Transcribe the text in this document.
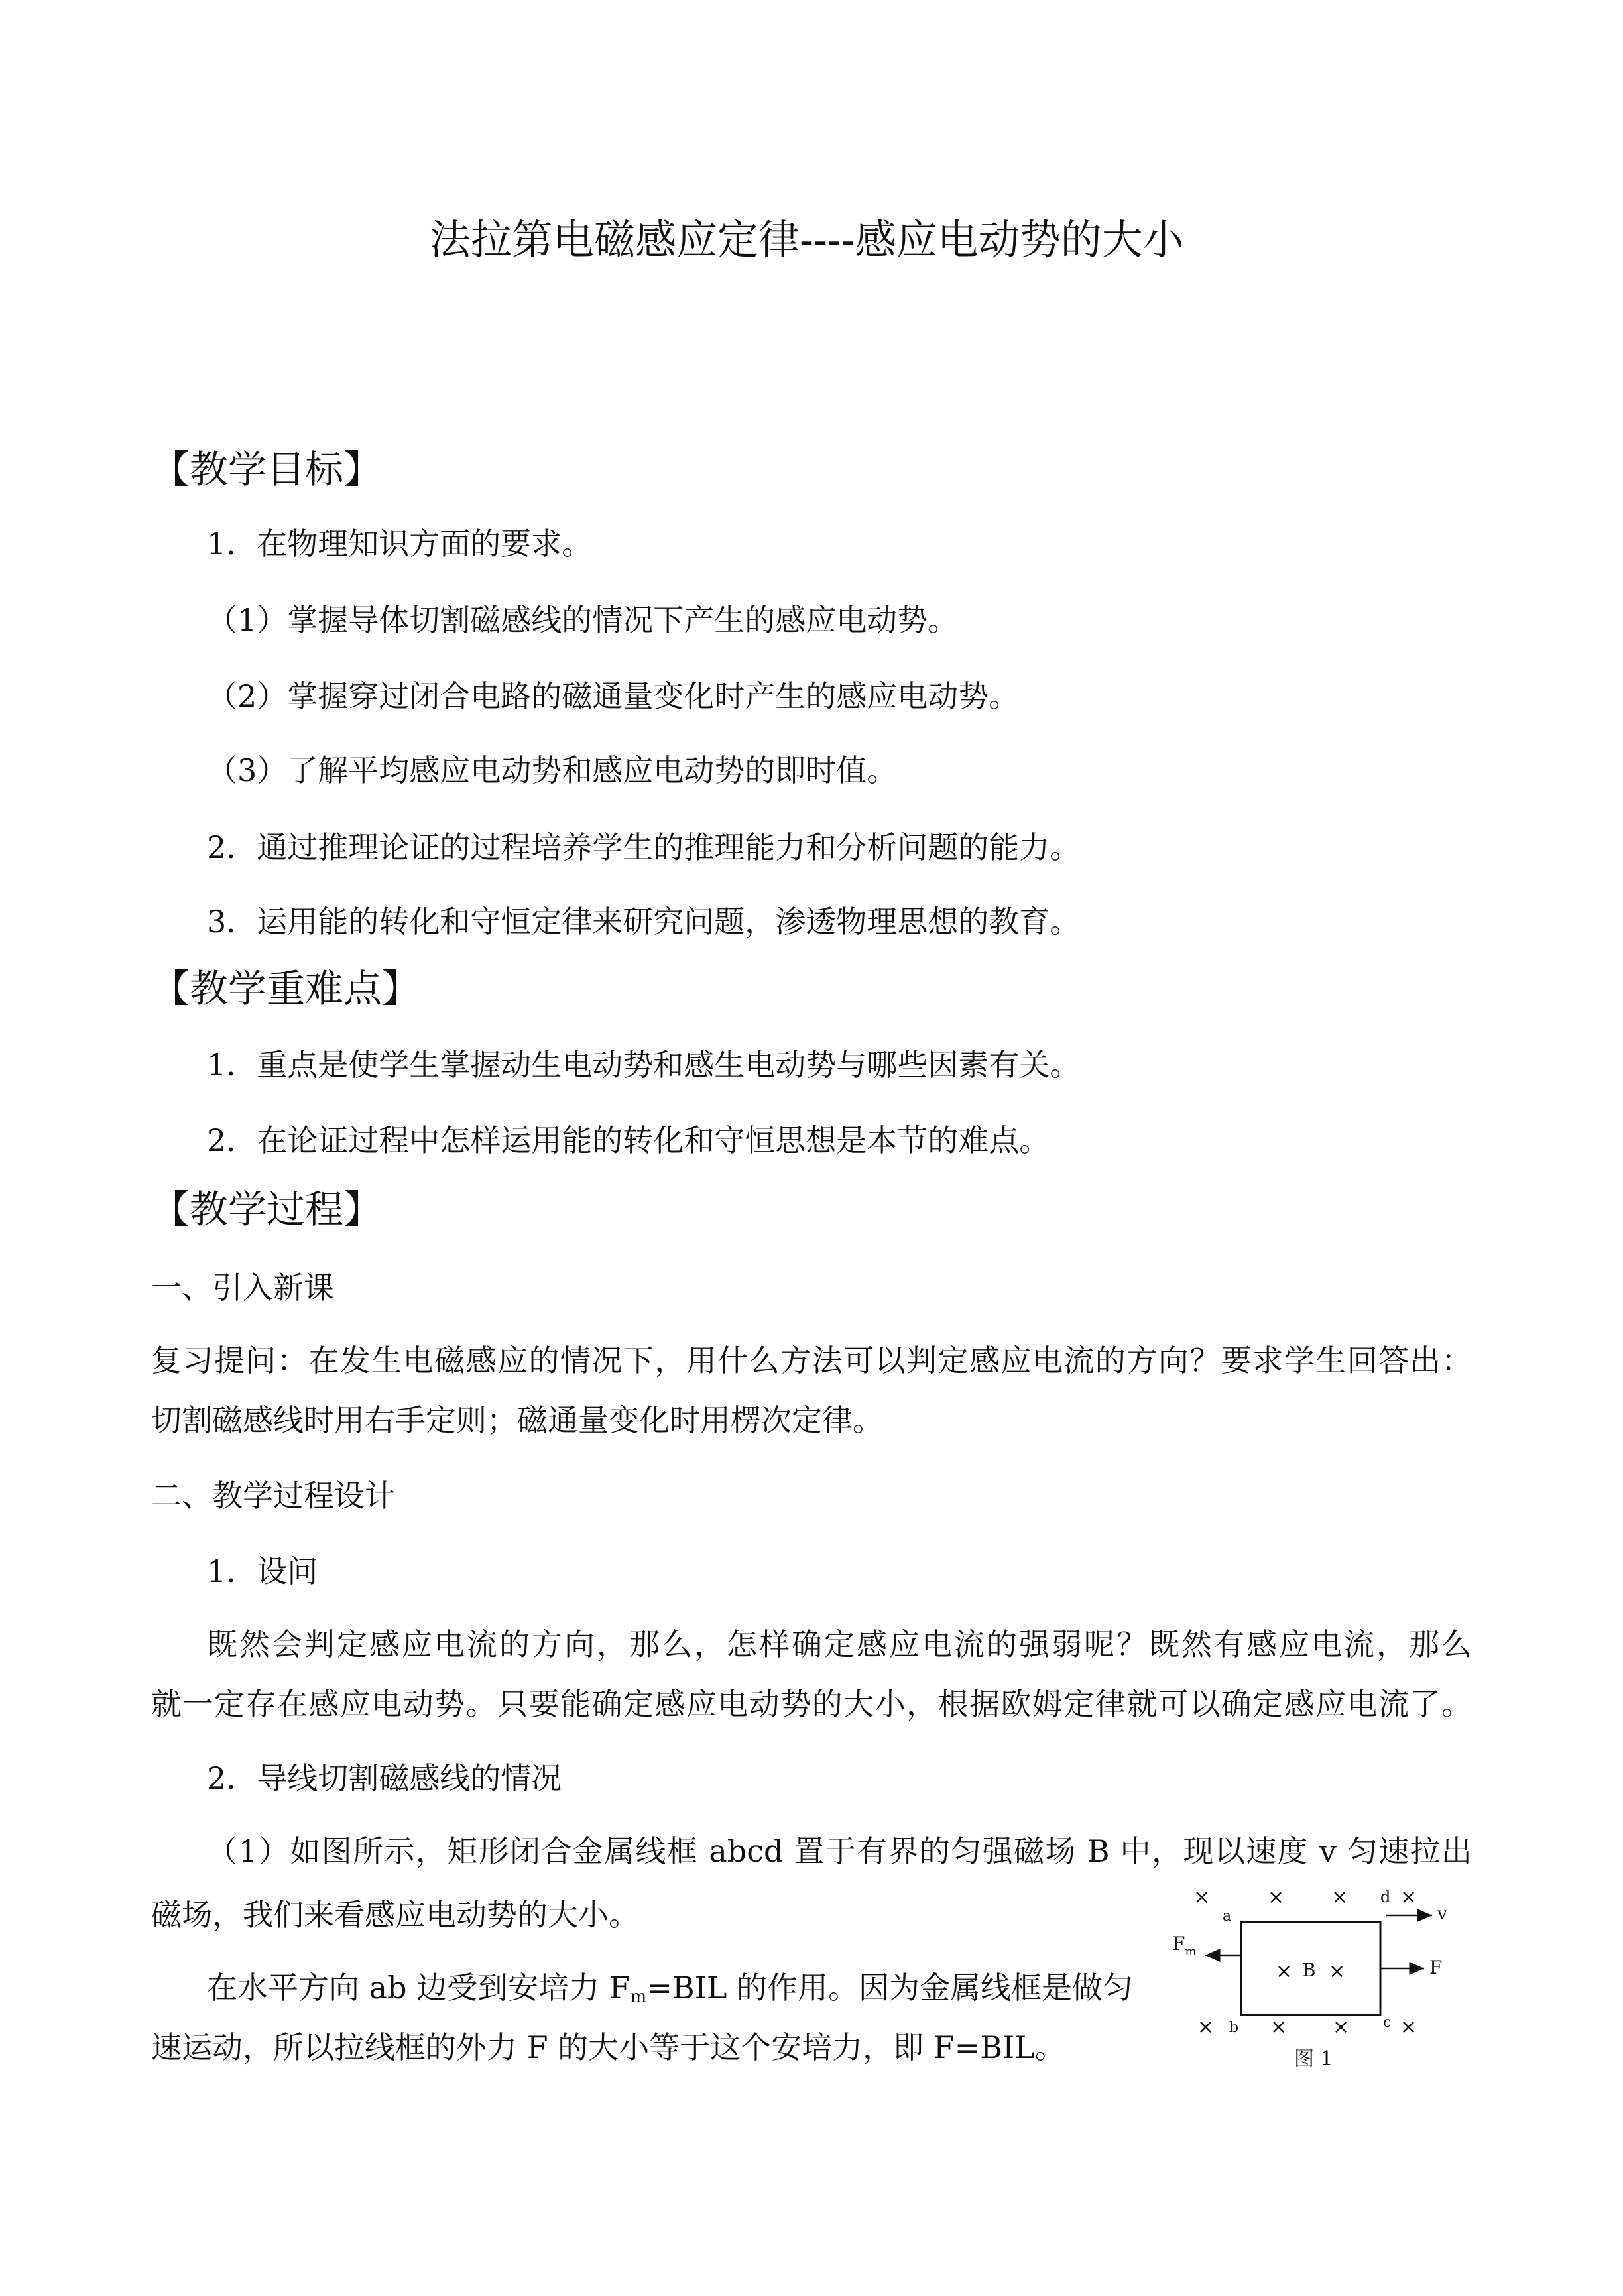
法拉第电磁感应定律----感应电动势的大小
【教学目标】
1．在物理知识方面的要求。
（1）掌握导体切割磁感线的情况下产生的感应电动势。
（2）掌握穿过闭合电路的磁通量变化时产生的感应电动势。
（3）了解平均感应电动势和感应电动势的即时值。
2．通过推理论证的过程培养学生的推理能力和分析问题的能力。
3．运用能的转化和守恒定律来研究问题，渗透物理思想的教育。
【教学重难点】
1．重点是使学生掌握动生电动势和感生电动势与哪些因素有关。
2．在论证过程中怎样运用能的转化和守恒思想是本节的难点。
【教学过程】
一、引入新课
复习提问：在发生电磁感应的情况下，用什么方法可以判定感应电流的方向？要求学生回答出：
切割磁感线时用右手定则；磁通量变化时用楞次定律。
二、教学过程设计
1．设问
既然会判定感应电流的方向，那么，怎样确定感应电流的强弱呢？既然有感应电流，那么
就一定存在感应电动势。只要能确定感应电动势的大小，根据欧姆定律就可以确定感应电流了。
2．导线切割磁感线的情况
（1）如图所示，矩形闭合金属线框 abcd 置于有界的匀强磁场 B 中，现以速度 v 匀速拉出
磁场，我们来看感应电动势的大小。
在水平方向 ab 边受到安培力 $F_m=BIL$ 的作用。因为金属线框是做匀
速运动，所以拉线框的外力 F 的大小等于这个安培力，即 F=BIL。
×	× ×	×
×	× ×	×
a
b	c
d
× B ×
$F_m$
v
F
图 1
